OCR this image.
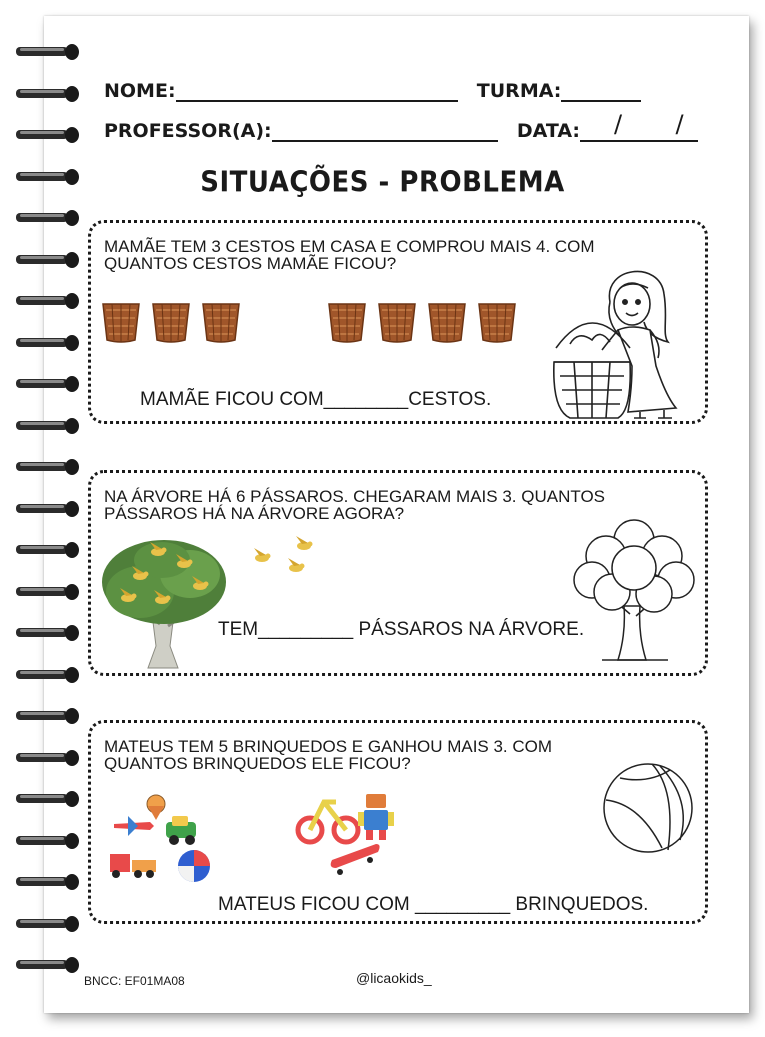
NOME:	TURMA:
PROFESSOR(A):	DATA: /       /
SITUAÇÕES - PROBLEMA
MAMÃE TEM 3 CESTOS EM CASA E COMPROU MAIS 4. COM
QUANTOS CESTOS MAMÃE FICOU?
MAMÃE FICOU COM________CESTOS.
NA ÁRVORE HÁ 6 PÁSSAROS. CHEGARAM MAIS 3. QUANTOS
PÁSSAROS HÁ NA ÁRVORE AGORA?
TEM_________ PÁSSAROS NA ÁRVORE.
MATEUS TEM 5 BRINQUEDOS E GANHOU MAIS 3. COM
QUANTOS BRINQUEDOS ELE FICOU?
MATEUS FICOU COM _________ BRINQUEDOS.
BNCC: EF01MA08	@licaokids_
